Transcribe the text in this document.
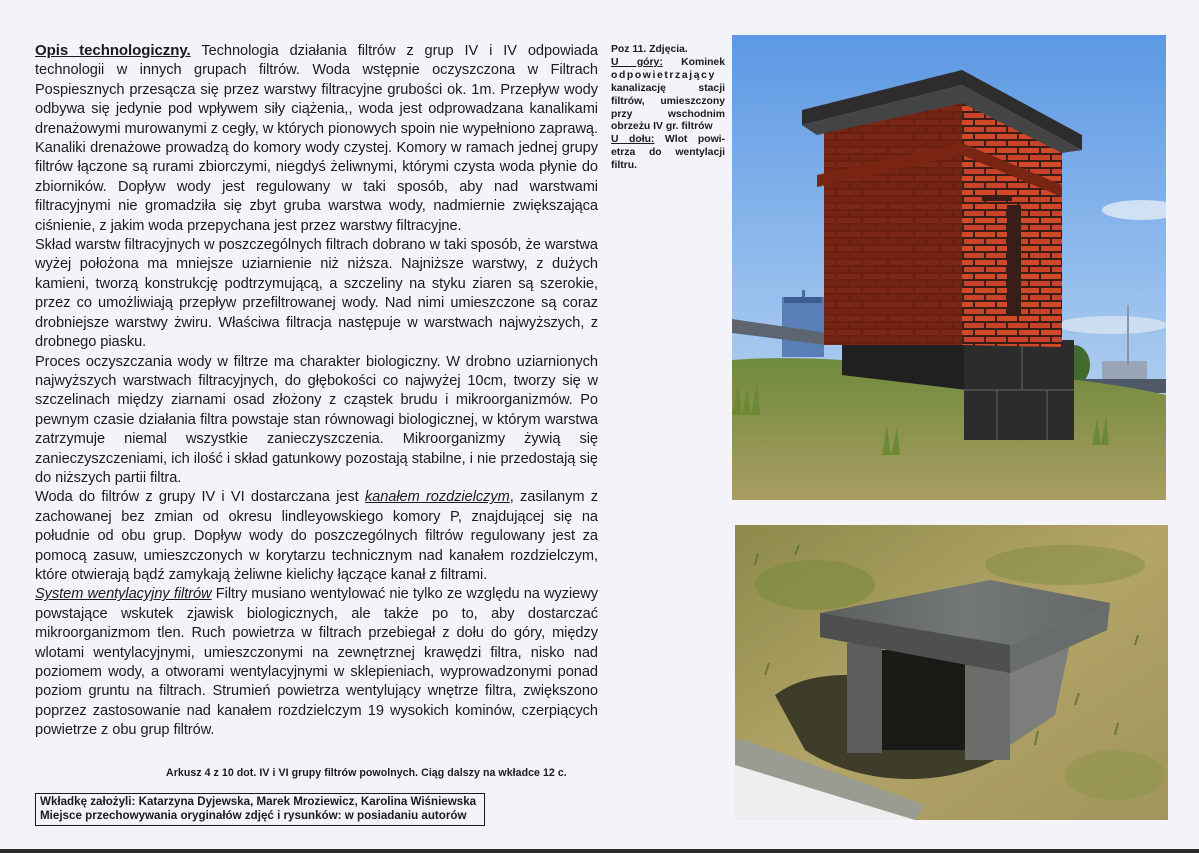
Opis technologiczny. Technologia działania filtrów z grup IV i IV odpowiada technologii w innych grupach filtrów. Woda wstępnie oczyszczona w Filtrach Pospiesznych przesącza się przez warstwy filtracyjne grubości ok. 1m. Przepływ wody odbywa się jedynie pod wpływem siły ciążenia,, woda jest odprowadzana kanalikami drenażowymi murowanymi z cegły, w których pionowych spoin nie wypełniono zaprawą. Kanaliki drenażowe prowadzą do komory wody czystej. Komory w ramach jednej grupy filtrów łączone są rurami zbiorczymi, niegdyś żeliwnymi, którymi czysta woda płynie do zbiorników. Dopływ wody jest regulowany w taki sposób, aby nad warstwami filtracyjnymi nie gromadziła się zbyt gruba warstwa wody, nadmiernie zwiększająca ciśnienie, z jakim woda przepychana jest przez warstwy filtracyjne.

Skład warstw filtracyjnych w poszczególnych filtrach dobrano w taki sposób, że warstwa wyżej położona ma mniejsze uziarnienie niż niższa. Najniższe warstwy, z dużych kamieni, tworzą konstrukcję podtrzymującą, a szczeliny na styku ziaren są szerokie, przez co umożliwiają przepływ przefiltrowanej wody. Nad nimi umieszczone są coraz drobniejsze warstwy żwiru. Właściwa filtracja następuje w warstwach najwyższych, z drobnego piasku.

Proces oczyszczania wody w filtrze ma charakter biologiczny. W drobno uziarnionych najwyższych warstwach filtracyjnych, do głębokości co najwyżej 10cm, tworzy się w szczelinach między ziarnami osad złożony z cząstek brudu i mikroorganizmów. Po pewnym czasie działania filtra powstaje stan równowagi biologicznej, w którym warstwa zatrzymuje niemal wszystkie zanieczyszczenia. Mikroorganizmy żywią się zanieczyszczeniami, ich ilość i skład gatunkowy pozostają stabilne, i nie przedostają się do niższych partii filtra.

Woda do filtrów z grupy IV i VI dostarczana jest kanałem rozdzielczym, zasilanym z zachowanej bez zmian od okresu lindleyowskiego komory P, znajdującej się na południe od obu grup. Dopływ wody do poszczególnych filtrów regulowany jest za pomocą zasuw, umieszczonych w korytarzu technicznym nad kanałem rozdzielczym, które otwierają bądź zamykają żeliwne kielichy łączące kanał z filtrami.

System wentylacyjny filtrów Filtry musiano wentylować nie tylko ze względu na wyziewy powstające wskutek zjawisk biologicznych, ale także po to, aby dostarczać mikroorganizmom tlen. Ruch powietrza w filtrach przebiegał z dołu do góry, między wlotami wentylacyjnymi, umieszczonymi na zewnętrznej krawędzi filtra, nisko nad poziomem wody, a otworami wentylacyjnymi w sklepieniach, wyprowadzonymi ponad poziom gruntu na filtrach. Strumień powietrza wentylujący wnętrze filtra, zwiększono poprzez zastosowanie nad kanałem rozdzielczym 19 wysokich kominów, czerpiących powietrze z obu grup filtrów.

Arkusz 4 z 10 dot. IV i VI grupy filtrów powolnych. Ciąg dalszy na wkładce 12 c.
Wkładkę założyli: Katarzyna Dyjewska, Marek Mroziewicz, Karolina Wiśniewska
Miejsce przechowywania oryginałów zdjęć i rysunków: w posiadaniu autorów
Poz 11. Zdjęcia.
U góry: Kominek odpowietrzający kanalizację stacji filtrów, umieszczony przy wschodnim obrzeżu IV gr. filtrów
U dołu: Wlot powi-etrza do wentylacji filtru.
